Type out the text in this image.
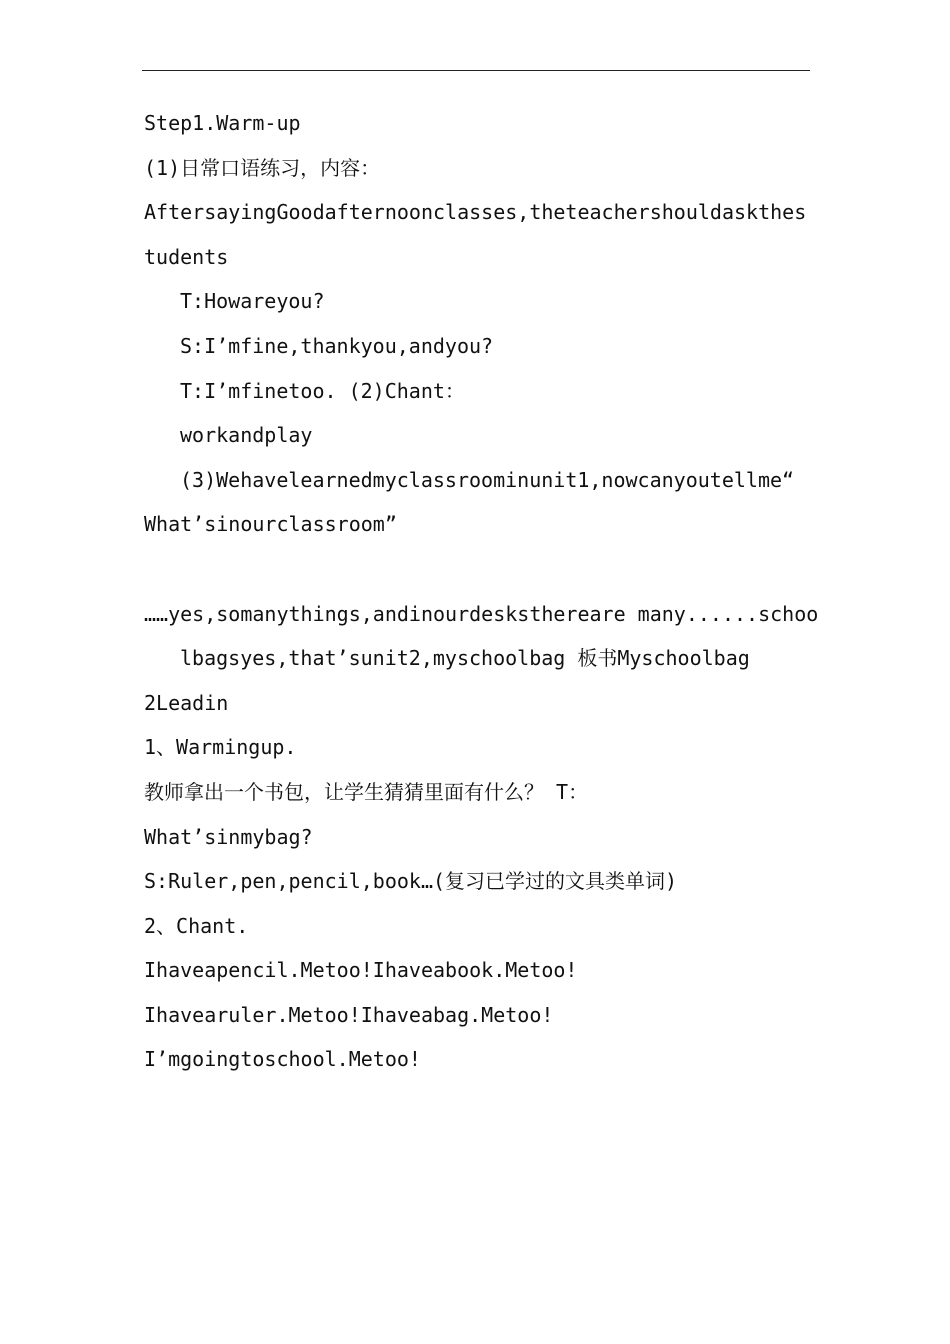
Step1.Warm-up
(1)日常口语练习，内容：
AftersayingGoodafternoonclasses,theteachershouldaskthes
tudents
T:Howareyou?
S:I’mfine,thankyou,andyou?
T:I’mfinetoo. (2)Chant：
workandplay
(3)Wehavelearnedmyclassroominunit1,nowcanyoutellme“
What’sinourclassroom”
……yes,somanythings,andinourdesksthereare many......schoo
lbagsyes,that’sunit2,myschoolbag 板书Myschoolbag
2Leadin
1、Warmingup.
教师拿出一个书包，让学生猜猜里面有什么？ T：
What’sinmybag?
S:Ruler,pen,pencil,book…(复习已学过的文具类单词)
2、Chant.
Ihaveapencil.Metoo!Ihaveabook.Metoo!
Ihavearuler.Metoo!Ihaveabag.Metoo!
I’mgoingtoschool.Metoo!
